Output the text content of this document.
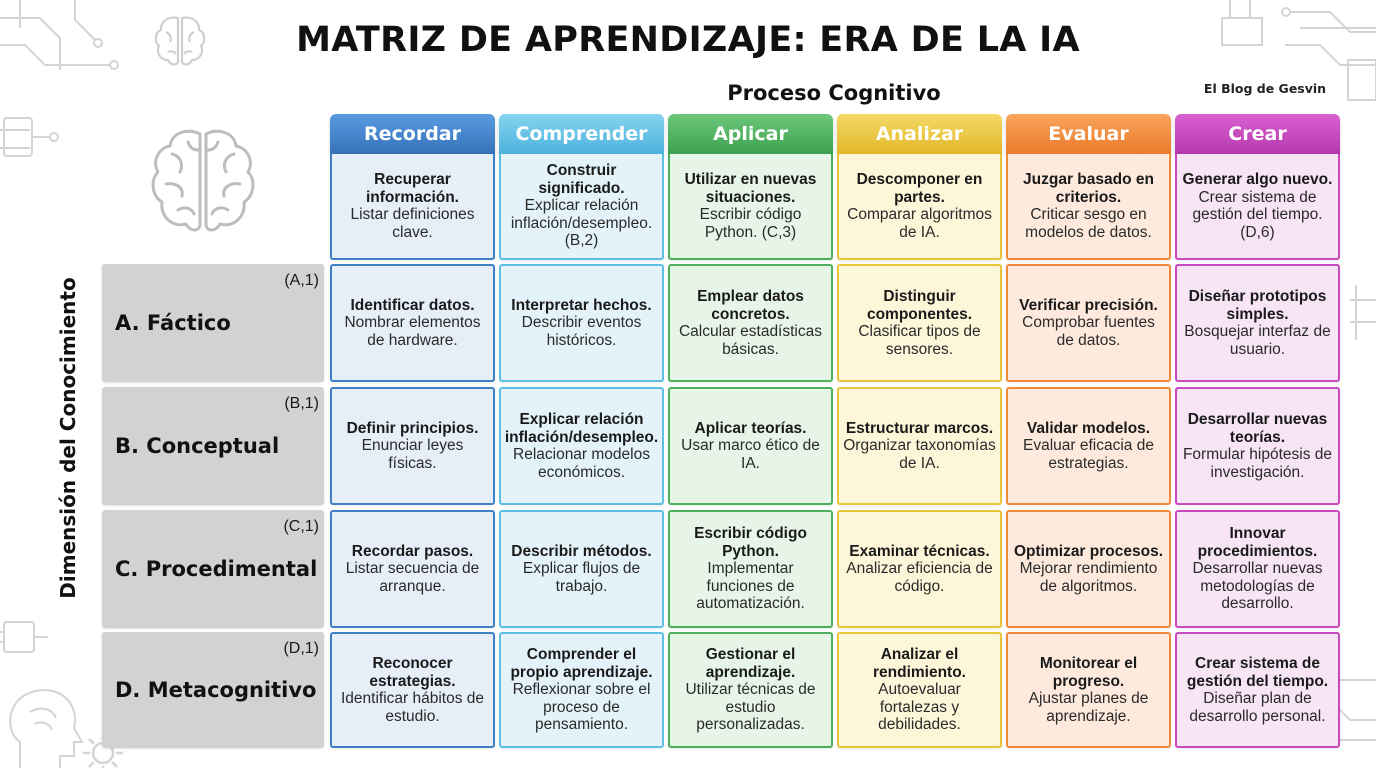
MATRIZ DE APRENDIZAJE: ERA DE LA IA
Proceso Cognitivo	El Blog de Gesvin
Dimensión del Conocimiento
Recordar
Recuperar información.
Listar definiciones clave.
Comprender
Construir significado.
Explicar relación inflación/desempleo. (B,2)
Aplicar
Utilizar en nuevas situaciones.
Escribir código Python. (C,3)
Analizar
Descomponer en partes.
Comparar algoritmos de IA.
Evaluar
Juzgar basado en criterios.
Criticar sesgo en modelos de datos.
Crear
Generar algo nuevo.
Crear sistema de gestión del tiempo. (D,6)
A. Fáctico
(A,1)
Identificar datos.
Nombrar elementos de hardware.
Interpretar hechos.
Describir eventos históricos.
Emplear datos concretos.
Calcular estadísticas básicas.
Distinguir componentes.
Clasificar tipos de sensores.
Verificar precisión.
Comprobar fuentes de datos.
Diseñar prototipos simples.
Bosquejar interfaz de usuario.
B. Conceptual
(B,1)
Definir principios.
Enunciar leyes físicas.
Explicar relación inflación/desempleo.
Relacionar modelos económicos.
Aplicar teorías.
Usar marco ético de IA.
Estructurar marcos.
Organizar taxonomías de IA.
Validar modelos.
Evaluar eficacia de estrategias.
Desarrollar nuevas teorías.
Formular hipótesis de investigación.
C. Procedimental
(C,1)
Recordar pasos.
Listar secuencia de arranque.
Describir métodos.
Explicar flujos de trabajo.
Escribir código Python.
Implementar funciones de automatización.
Examinar técnicas.
Analizar eficiencia de código.
Optimizar procesos.
Mejorar rendimiento de algoritmos.
Innovar procedimientos.
Desarrollar nuevas metodologías de desarrollo.
D. Metacognitivo
(D,1)
Reconocer estrategias.
Identificar hábitos de estudio.
Comprender el propio aprendizaje.
Reflexionar sobre el proceso de pensamiento.
Gestionar el aprendizaje.
Utilizar técnicas de estudio personalizadas.
Analizar el rendimiento.
Autoevaluar fortalezas y debilidades.
Monitorear el progreso.
Ajustar planes de aprendizaje.
Crear sistema de gestión del tiempo.
Diseñar plan de desarrollo personal.
